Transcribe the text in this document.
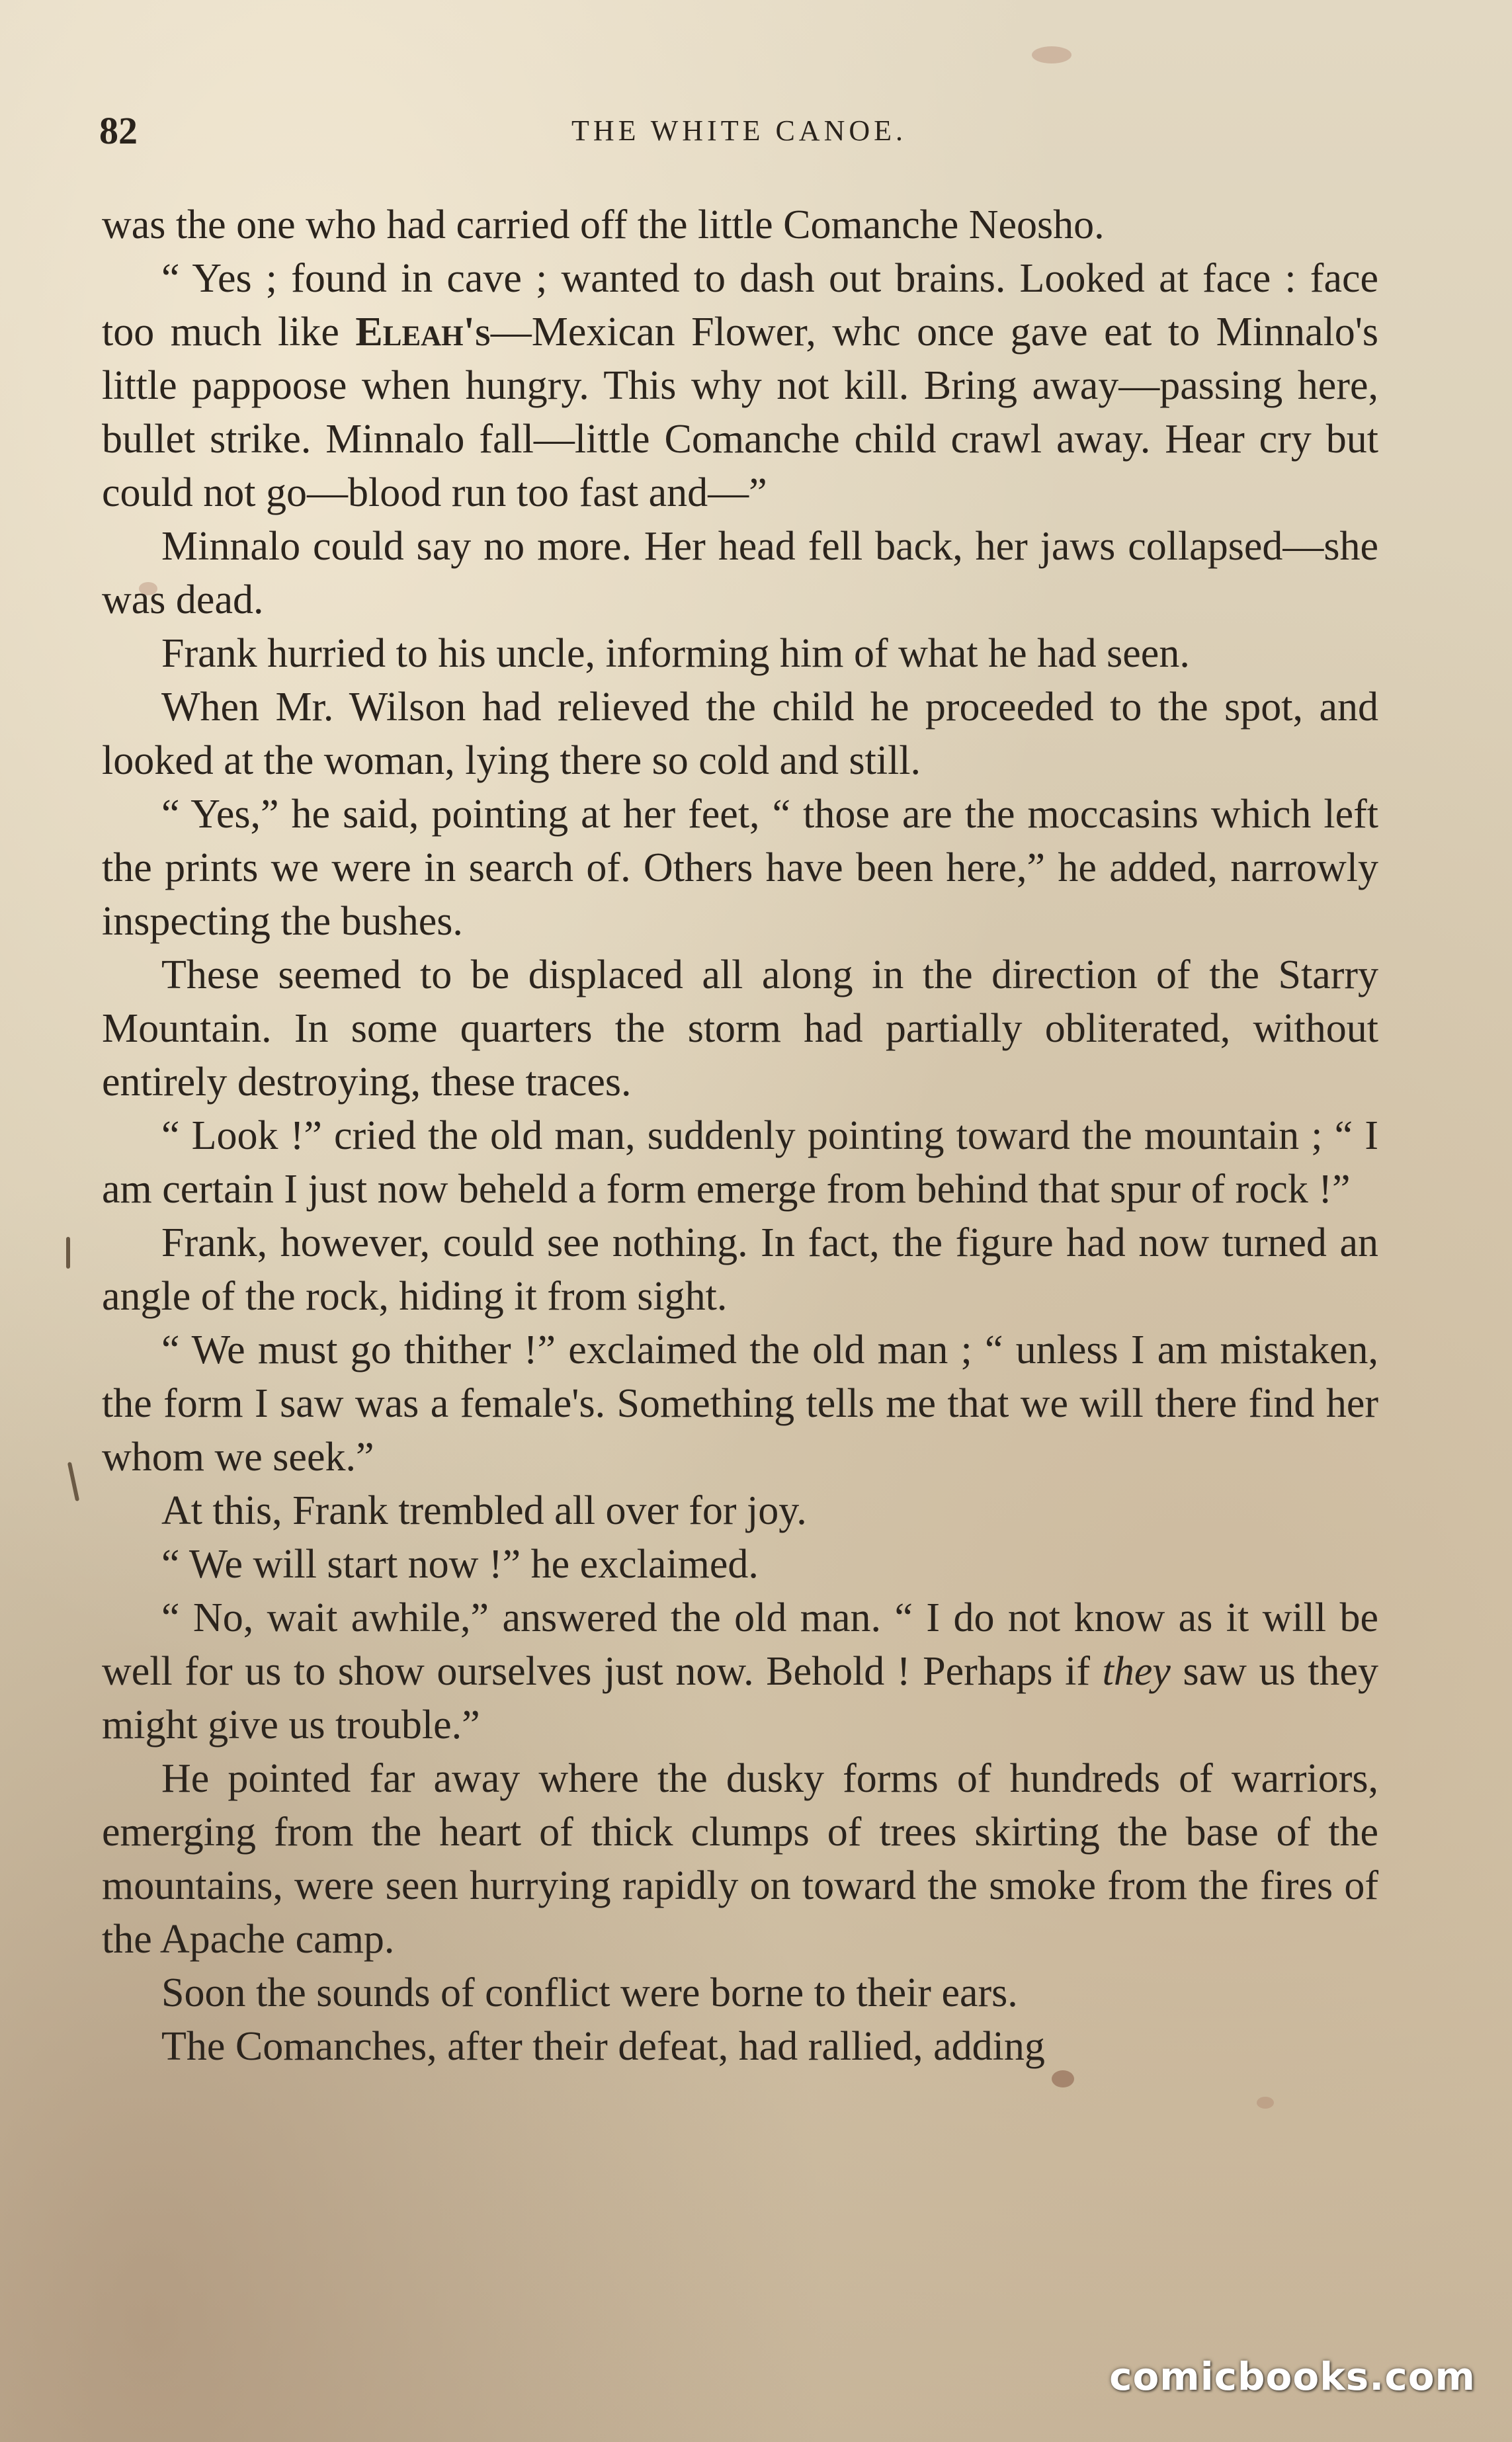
82	THE WHITE CANOE.

was the one who had carried off the little Comanche Neosho.

“ Yes ; found in cave ; wanted to dash out brains. Looked at face : face too much like Eleah's—Mexican Flower, whc once gave eat to Minnalo's little pappoose when hungry. This why not kill. Bring away—passing here, bullet strike. Minnalo fall—little Comanche child crawl away. Hear cry but could not go—blood run too fast and—”

Minnalo could say no more. Her head fell back, her jaws collapsed—she was dead.

Frank hurried to his uncle, informing him of what he had seen.

When Mr. Wilson had relieved the child he proceeded to the spot, and looked at the woman, lying there so cold and still.

“ Yes,” he said, pointing at her feet, “ those are the moccasins which left the prints we were in search of. Others have been here,” he added, narrowly inspecting the bushes.

These seemed to be displaced all along in the direction of the Starry Mountain. In some quarters the storm had partially obliterated, without entirely destroying, these traces.

“ Look !” cried the old man, suddenly pointing toward the mountain ; “ I am certain I just now beheld a form emerge from behind that spur of rock !”

Frank, however, could see nothing. In fact, the figure had now turned an angle of the rock, hiding it from sight.

“ We must go thither !” exclaimed the old man ; “ unless I am mistaken, the form I saw was a female's. Something tells me that we will there find her whom we seek.”

At this, Frank trembled all over for joy.

“ We will start now !” he exclaimed.

“ No, wait awhile,” answered the old man. “ I do not know as it will be well for us to show ourselves just now. Behold ! Perhaps if they saw us they might give us trouble.”

He pointed far away where the dusky forms of hundreds of warriors, emerging from the heart of thick clumps of trees skirting the base of the mountains, were seen hurrying rapidly on toward the smoke from the fires of the Apache camp.

Soon the sounds of conflict were borne to their ears.

The Comanches, after their defeat, had rallied, adding

comicbooks.com
